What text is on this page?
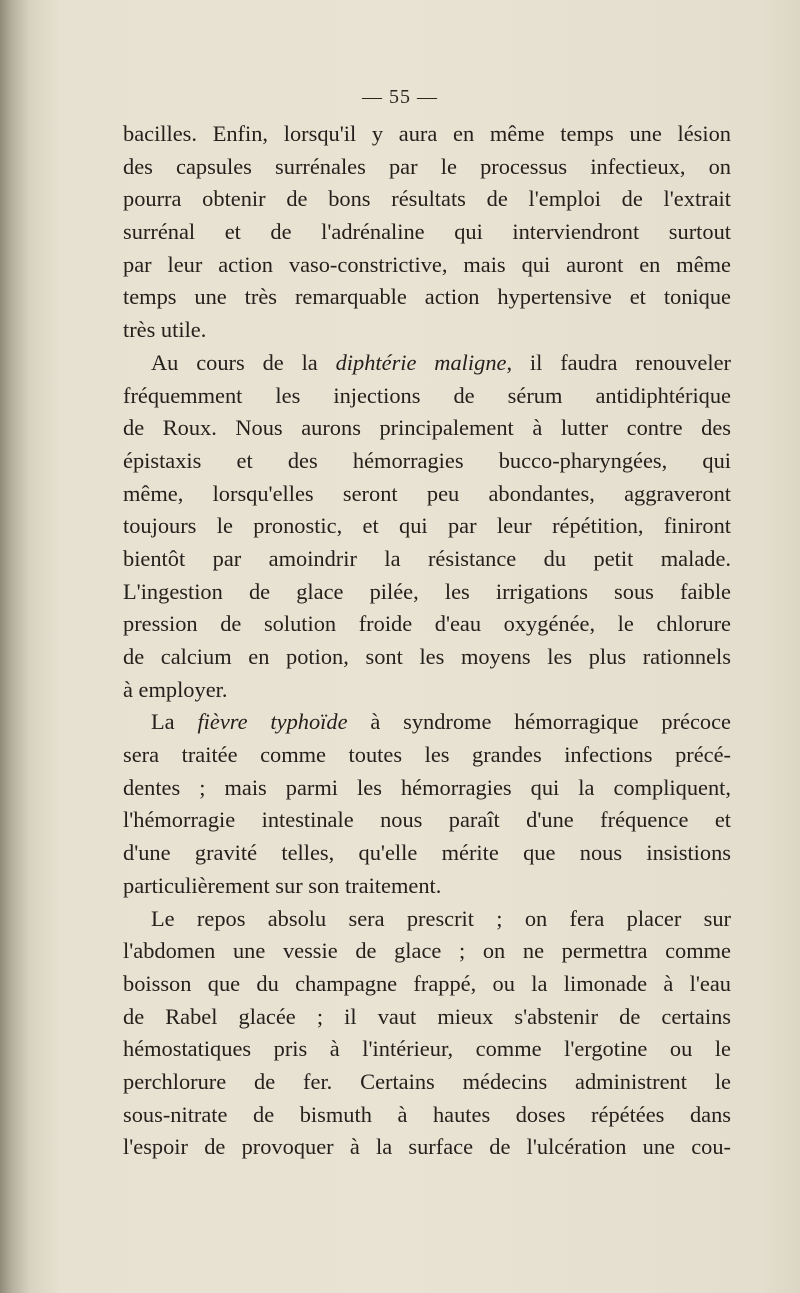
— 55 —
bacilles. Enfin, lorsqu'il y aura en même temps une lésion
des capsules surrénales par le processus infectieux, on
pourra obtenir de bons résultats de l'emploi de l'extrait
surrénal et de l'adrénaline qui interviendront surtout
par leur action vaso-constrictive, mais qui auront en même
temps une très remarquable action hypertensive et tonique
très utile.
Au cours de la diphtérie maligne, il faudra renouveler
fréquemment les injections de sérum antidiphtérique
de Roux. Nous aurons principalement à lutter contre des
épistaxis et des hémorragies bucco-pharyngées, qui
même, lorsqu'elles seront peu abondantes, aggraveront
toujours le pronostic, et qui par leur répétition, finiront
bientôt par amoindrir la résistance du petit malade.
L'ingestion de glace pilée, les irrigations sous faible
pression de solution froide d'eau oxygénée, le chlorure
de calcium en potion, sont les moyens les plus rationnels
à employer.
La fièvre typhoïde à syndrome hémorragique précoce
sera traitée comme toutes les grandes infections précé-
dentes ; mais parmi les hémorragies qui la compliquent,
l'hémorragie intestinale nous paraît d'une fréquence et
d'une gravité telles, qu'elle mérite que nous insistions
particulièrement sur son traitement.
Le repos absolu sera prescrit ; on fera placer sur
l'abdomen une vessie de glace ; on ne permettra comme
boisson que du champagne frappé, ou la limonade à l'eau
de Rabel glacée ; il vaut mieux s'abstenir de certains
hémostatiques pris à l'intérieur, comme l'ergotine ou le
perchlorure de fer. Certains médecins administrent le
sous-nitrate de bismuth à hautes doses répétées dans
l'espoir de provoquer à la surface de l'ulcération une cou-
